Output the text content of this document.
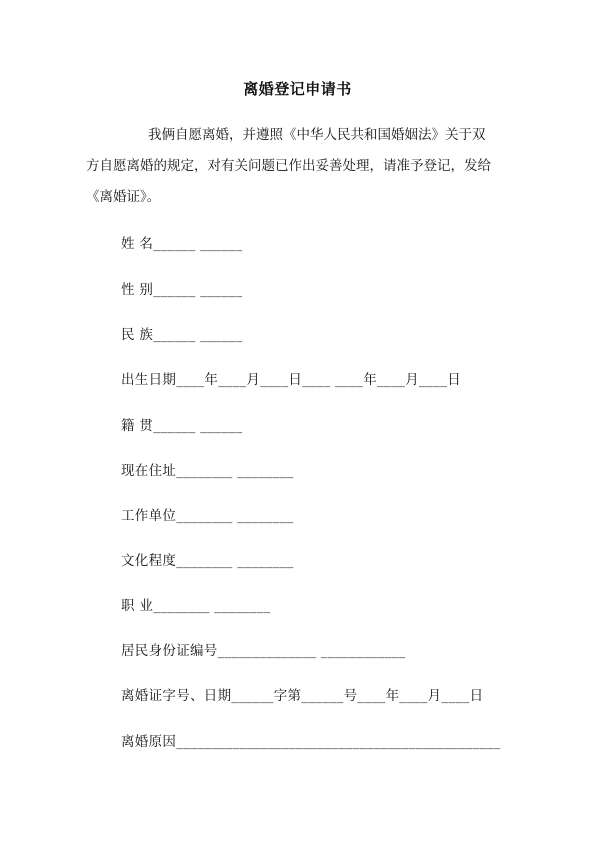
离婚登记申请书

我俩自愿离婚，并遵照《中华人民共和国婚姻法》关于双

方自愿离婚的规定，对有关问题已作出妥善处理，请准予登记，发给

《离婚证》。

姓 名______ ______
性 别______ ______
民 族______ ______
出生日期____年____月____日____ ____年____月____日
籍 贯______ ______
现在住址________ ________
工作单位________ ________
文化程度________ ________
职 业________ ________
居民身份证编号______________ ____________
离婚证字号、日期______字第______号____年____月____日
离婚原因______________________________________________
